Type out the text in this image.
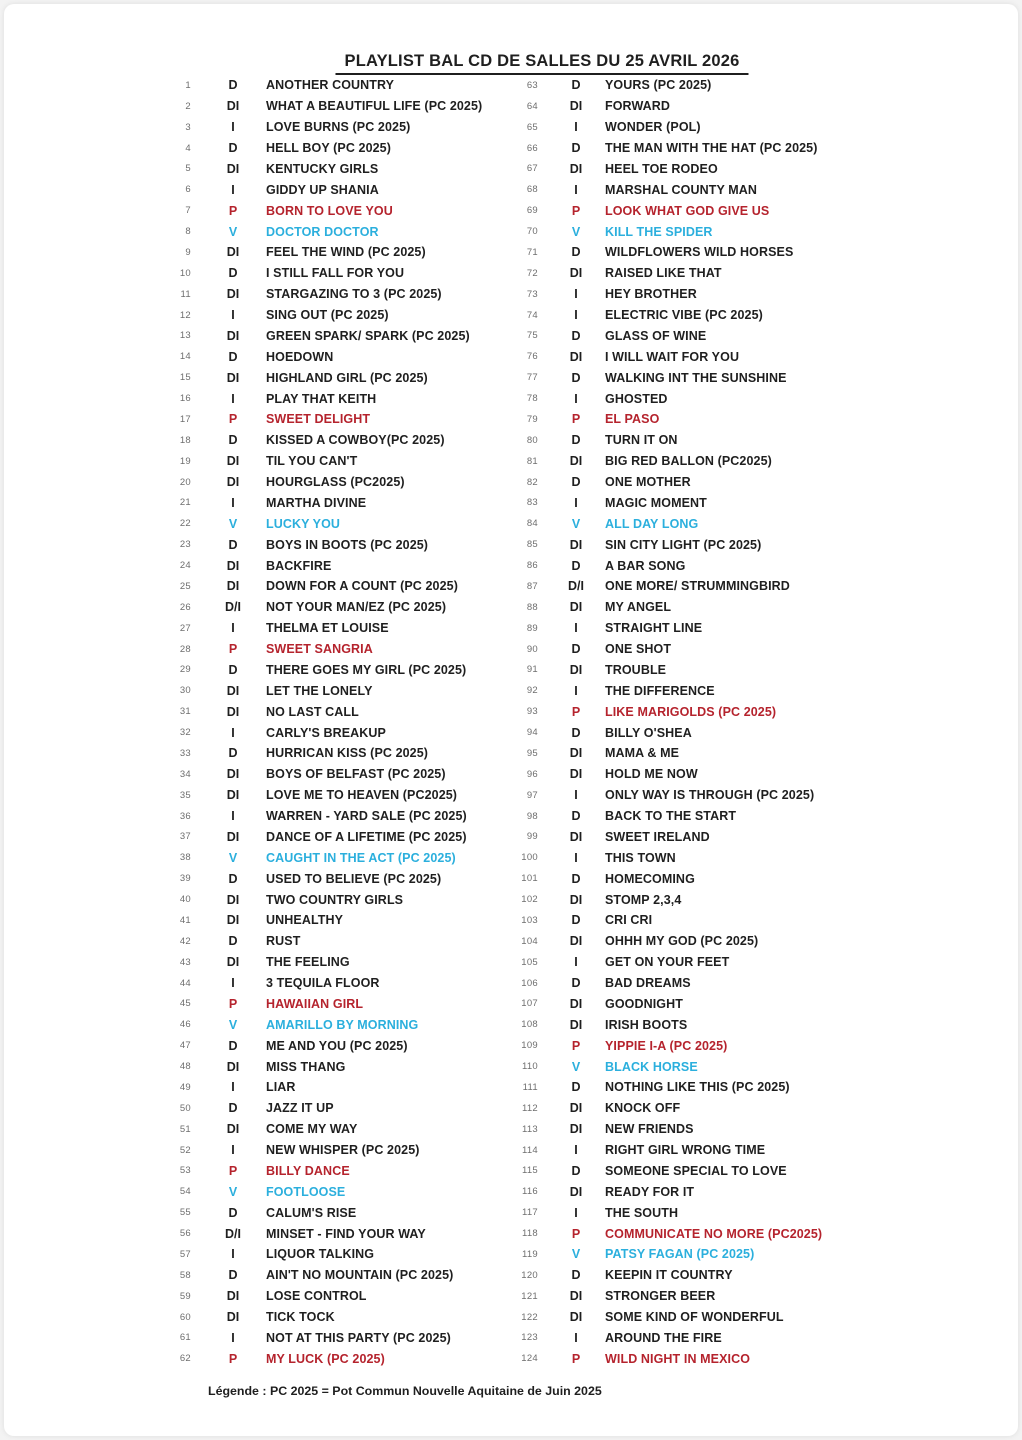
PLAYLIST BAL CD DE SALLES DU 25 AVRIL 2026
1	D	ANOTHER COUNTRY
2	DI	WHAT A BEAUTIFUL LIFE (PC 2025)
3	I	LOVE BURNS (PC 2025)
4	D	HELL BOY (PC 2025)
5	DI	KENTUCKY GIRLS
6	I	GIDDY UP SHANIA
7	P	BORN TO LOVE YOU
8	V	DOCTOR DOCTOR
9	DI	FEEL THE WIND (PC 2025)
10	D	I STILL FALL FOR YOU
11	DI	STARGAZING TO 3 (PC 2025)
12	I	SING OUT (PC 2025)
13	DI	GREEN SPARK/ SPARK (PC 2025)
14	D	HOEDOWN
15	DI	HIGHLAND GIRL (PC 2025)
16	I	PLAY THAT KEITH
17	P	SWEET DELIGHT
18	D	KISSED A COWBOY(PC 2025)
19	DI	TIL YOU CAN'T
20	DI	HOURGLASS (PC2025)
21	I	MARTHA DIVINE
22	V	LUCKY YOU
23	D	BOYS IN BOOTS (PC 2025)
24	DI	BACKFIRE
25	DI	DOWN FOR A COUNT (PC 2025)
26	D/I	NOT YOUR MAN/EZ (PC 2025)
27	I	THELMA ET LOUISE
28	P	SWEET SANGRIA
29	D	THERE GOES MY GIRL (PC 2025)
30	DI	LET THE LONELY
31	DI	NO LAST CALL
32	I	CARLY'S BREAKUP
33	D	HURRICAN KISS (PC 2025)
34	DI	BOYS OF BELFAST (PC 2025)
35	DI	LOVE ME TO HEAVEN (PC2025)
36	I	WARREN - YARD SALE (PC 2025)
37	DI	DANCE OF A LIFETIME (PC 2025)
38	V	CAUGHT IN THE ACT (PC 2025)
39	D	USED TO BELIEVE (PC 2025)
40	DI	TWO COUNTRY GIRLS
41	DI	UNHEALTHY
42	D	RUST
43	DI	THE FEELING
44	I	3 TEQUILA FLOOR
45	P	HAWAIIAN GIRL
46	V	AMARILLO BY MORNING
47	D	ME AND YOU (PC 2025)
48	DI	MISS THANG
49	I	LIAR
50	D	JAZZ IT UP
51	DI	COME MY WAY
52	I	NEW WHISPER (PC 2025)
53	P	BILLY DANCE
54	V	FOOTLOOSE
55	D	CALUM'S RISE
56	D/I	MINSET - FIND YOUR WAY
57	I	LIQUOR TALKING
58	D	AIN'T NO MOUNTAIN (PC 2025)
59	DI	LOSE CONTROL
60	DI	TICK TOCK
61	I	NOT AT THIS PARTY (PC 2025)
62	P	MY LUCK (PC 2025)
63	D	YOURS (PC 2025)
64	DI	FORWARD
65	I	WONDER (POL)
66	D	THE MAN WITH THE HAT (PC 2025)
67	DI	HEEL TOE RODEO
68	I	MARSHAL COUNTY MAN
69	P	LOOK WHAT GOD GIVE US
70	V	KILL THE SPIDER
71	D	WILDFLOWERS WILD HORSES
72	DI	RAISED LIKE THAT
73	I	HEY BROTHER
74	I	ELECTRIC VIBE (PC 2025)
75	D	GLASS OF WINE
76	DI	I WILL WAIT FOR YOU
77	D	WALKING INT THE SUNSHINE
78	I	GHOSTED
79	P	EL PASO
80	D	TURN IT ON
81	DI	BIG RED BALLON (PC2025)
82	D	ONE MOTHER
83	I	MAGIC MOMENT
84	V	ALL DAY LONG
85	DI	SIN CITY LIGHT (PC 2025)
86	D	A BAR SONG
87	D/I	ONE MORE/ STRUMMINGBIRD
88	DI	MY ANGEL
89	I	STRAIGHT LINE
90	D	ONE SHOT
91	DI	TROUBLE
92	I	THE DIFFERENCE
93	P	LIKE MARIGOLDS (PC 2025)
94	D	BILLY O'SHEA
95	DI	MAMA & ME
96	DI	HOLD ME NOW
97	I	ONLY WAY IS THROUGH (PC 2025)
98	D	BACK TO THE START
99	DI	SWEET IRELAND
100	I	THIS TOWN
101	D	HOMECOMING
102	DI	STOMP 2,3,4
103	D	CRI CRI
104	DI	OHHH MY GOD (PC 2025)
105	I	GET ON YOUR FEET
106	D	BAD DREAMS
107	DI	GOODNIGHT
108	DI	IRISH BOOTS
109	P	YIPPIE I-A (PC 2025)
110	V	BLACK HORSE
111	D	NOTHING LIKE THIS (PC 2025)
112	DI	KNOCK OFF
113	DI	NEW FRIENDS
114	I	RIGHT GIRL WRONG TIME
115	D	SOMEONE SPECIAL TO LOVE
116	DI	READY FOR IT
117	I	THE SOUTH
118	P	COMMUNICATE NO MORE (PC2025)
119	V	PATSY FAGAN (PC 2025)
120	D	KEEPIN IT COUNTRY
121	DI	STRONGER BEER
122	DI	SOME KIND OF WONDERFUL
123	I	AROUND THE FIRE
124	P	WILD NIGHT IN MEXICO
Légende : PC 2025 = Pot Commun Nouvelle Aquitaine de Juin 2025
